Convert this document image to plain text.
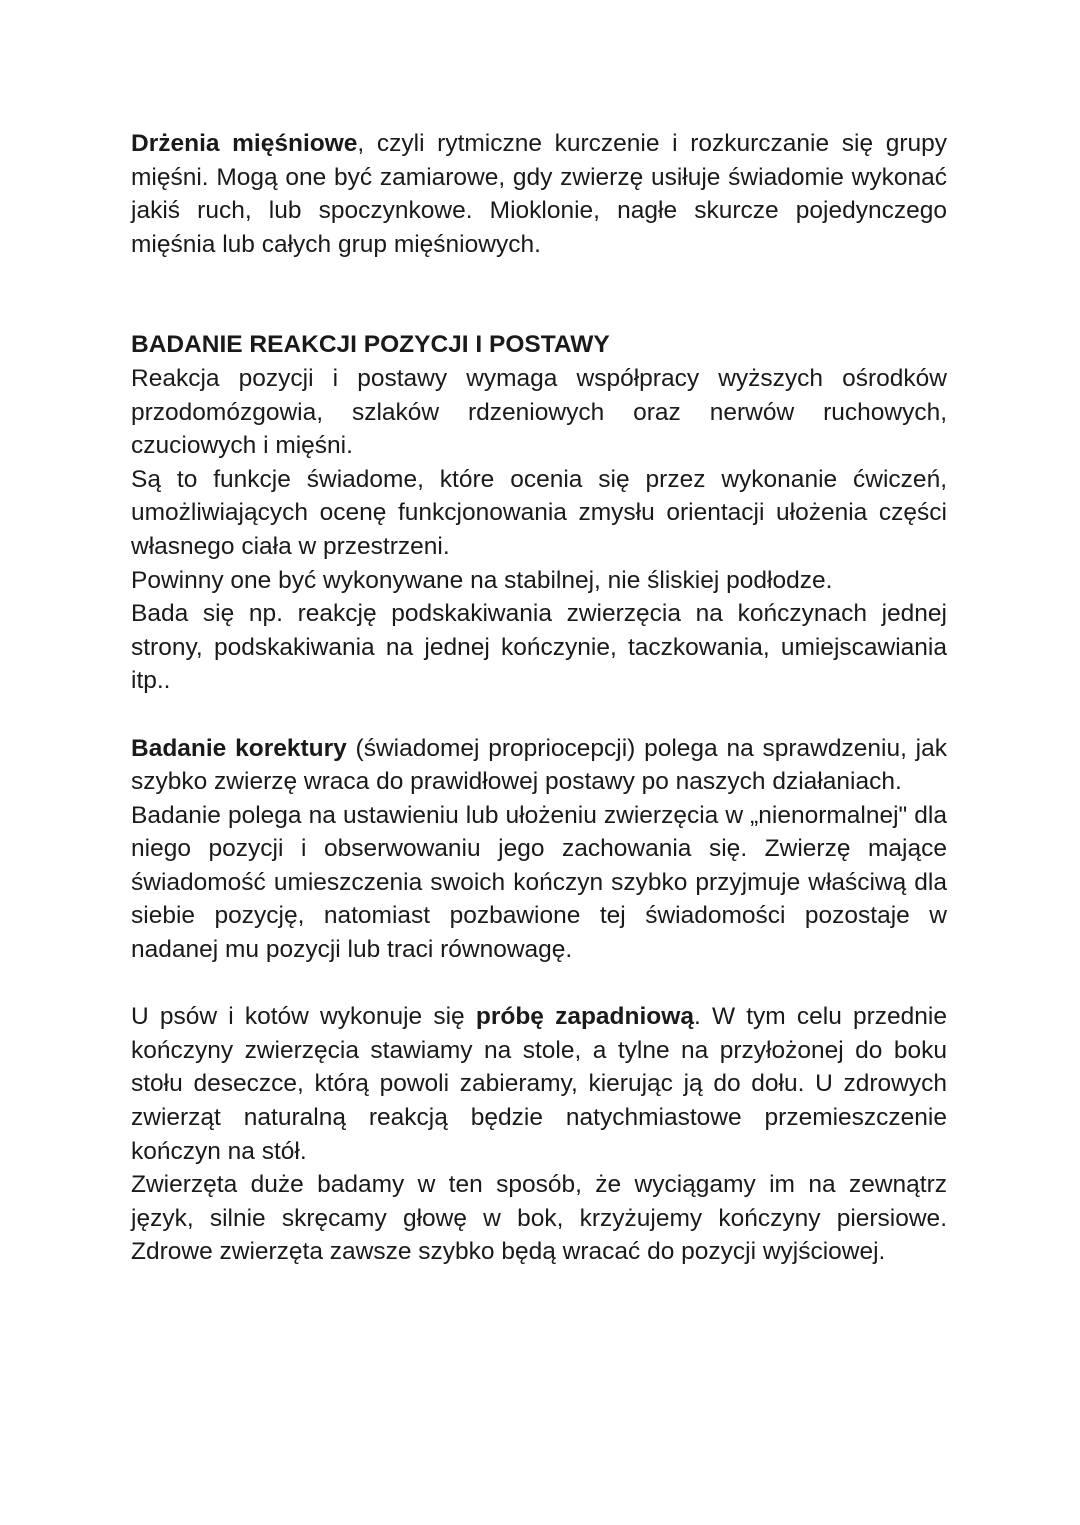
Drżenia mięśniowe, czyli rytmiczne kurczenie i rozkurczanie się grupy mięśni. Mogą one być zamiarowe, gdy zwierzę usiłuje świadomie wykonać jakiś ruch, lub spoczynkowe. Mioklonie, nagłe skurcze pojedynczego mięśnia lub całych grup mięśniowych.

BADANIE REAKCJI POZYCJI I POSTAWY

Reakcja pozycji i postawy wymaga współpracy wyższych ośrodków przodomózgowia, szlaków rdzeniowych oraz nerwów ruchowych, czuciowych i mięśni.

Są to funkcje świadome, które ocenia się przez wykonanie ćwiczeń, umożliwiających ocenę funkcjonowania zmysłu orientacji ułożenia części własnego ciała w przestrzeni.

Powinny one być wykonywane na stabilnej, nie śliskiej podłodze.

Bada się np. reakcję podskakiwania zwierzęcia na kończynach jednej strony, podskakiwania na jednej kończynie, taczkowania, umiejscawiania itp..

Badanie korektury (świadomej propriocepcji) polega na sprawdzeniu, jak szybko zwierzę wraca do prawidłowej postawy po naszych działaniach.

Badanie polega na ustawieniu lub ułożeniu zwierzęcia w „nienormalnej" dla niego pozycji i obserwowaniu jego zachowania się. Zwierzę mające świadomość umieszczenia swoich kończyn szybko przyjmuje właściwą dla siebie pozycję, natomiast pozbawione tej świadomości pozostaje w nadanej mu pozycji lub traci równowagę.

U psów i kotów wykonuje się próbę zapadniową. W tym celu przednie kończyny zwierzęcia stawiamy na stole, a tylne na przyłożonej do boku stołu deseczce, którą powoli zabieramy, kierując ją do dołu. U zdrowych zwierząt naturalną reakcją będzie natychmiastowe przemieszczenie kończyn na stół.

Zwierzęta duże badamy w ten sposób, że wyciągamy im na zewnątrz język, silnie skręcamy głowę w bok, krzyżujemy kończyny piersiowe. Zdrowe zwierzęta zawsze szybko będą wracać do pozycji wyjściowej.
